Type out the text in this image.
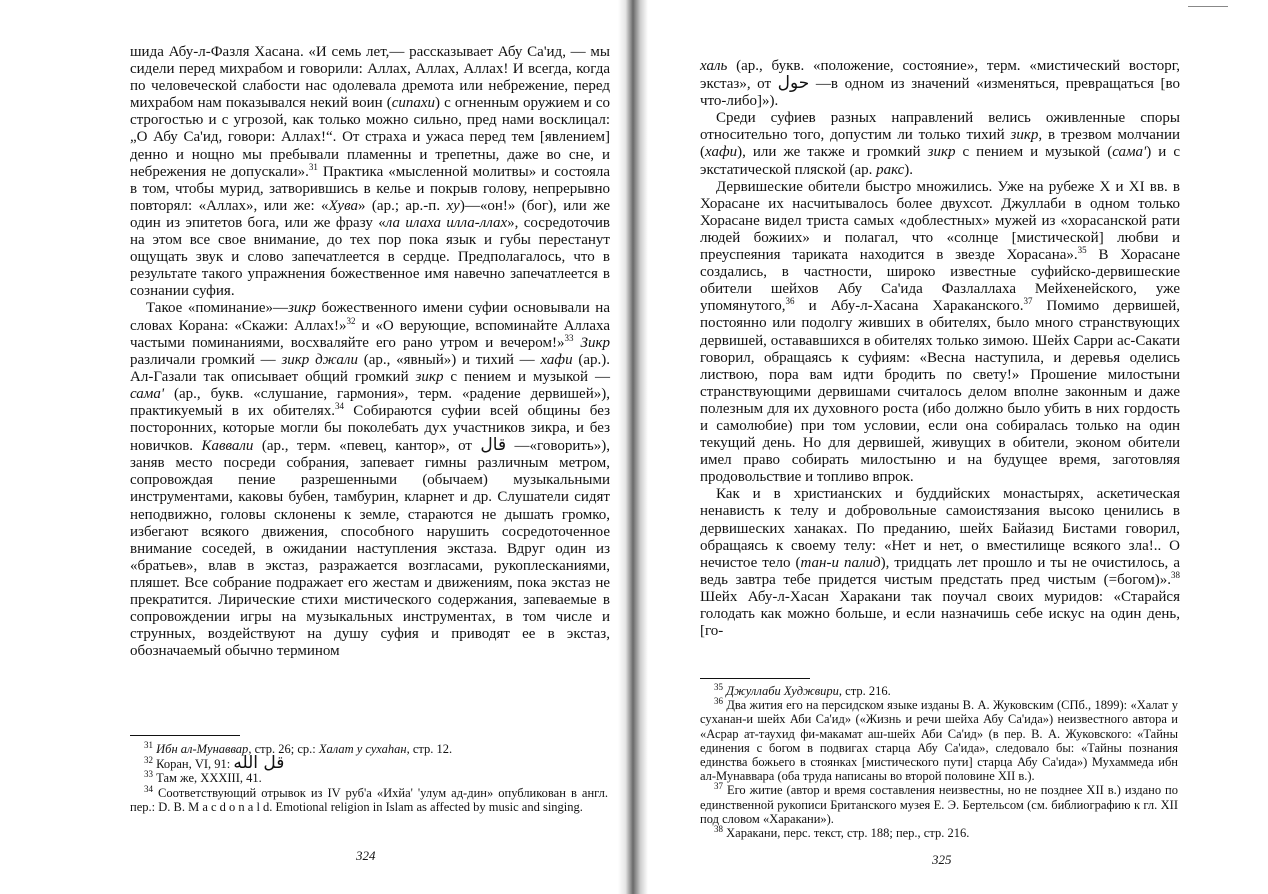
шида Абу-л-Фазля Хасана. «И семь лет,— рассказывает Абу Са'ид, — мы сидели перед михрабом и говорили: Аллах, Аллах, Аллах! И всегда, когда по человеческой слабости нас одолевала дремота или небрежение, перед михрабом нам показывался некий воин (сипахи) с огненным оружием и со строгостью и с угрозой, как только можно сильно, пред нами восклицал: „О Абу Са'ид, говори: Аллах!“. От страха и ужаса перед тем [явлением] денно и нощно мы пребывали пламенны и трепетны, даже во сне, и небрежения не допускали».$^{31}$ Практика «мысленной молитвы» и состояла в том, чтобы мурид, затворившись в келье и покрыв голову, непрерывно повторял: «Аллах», или же: «Хува» (ар.; ар.-п. ху)—«он!» (бог), или же один из эпитетов бога, или же фразу «ла илаха илла-ллах», сосредоточив на этом все свое внимание, до тех пор пока язык и губы перестанут ощущать звук и слово запечатлеется в сердце. Предполагалось, что в результате такого упражнения божественное имя навечно запечатлеется в сознании суфия.

Такое «поминание»—зикр божественного имени суфии основывали на словах Корана: «Скажи: Аллах!»$^{32}$ и «О верующие, вспоминайте Аллаха частыми поминаниями, восхваляйте его рано утром и вечером!»$^{33}$ Зикр различали громкий — зикр джали (ар., «явный») и тихий — хафи (ар.). Ал-Газали так описывает общий громкий зикр с пением и музыкой — сама' (ар., букв. «слушание, гармония», терм. «радение дервишей»), практикуемый в их обителях.$^{34}$ Собираются суфии всей общины без посторонних, которые могли бы поколебать дух участников зикра, и без новичков. Каввали (ар., терм. «певец, кантор», от قال —«говорить»), заняв место посреди собрания, запевает гимны различным метром, сопровождая пение разрешенными (обычаем) музыкальными инструментами, каковы бубен, тамбурин, кларнет и др. Слушатели сидят неподвижно, головы склонены к земле, стараются не дышать громко, избегают всякого движения, способного нарушить сосредоточенное внимание соседей, в ожидании наступления экстаза. Вдруг один из «братьев», влав в экстаз, разражается возгласами, рукоплесканиями, пляшет. Все собрание подражает его жестам и движениям, пока экстаз не прекратится. Лирические стихи мистического содержания, запеваемые в сопровождении игры на музыкальных инструментах, в том числе и струнных, воздействуют на душу суфия и приводят ее в экстаз, обозначаемый обычно термином

$^{31}$ Ибн ал-Мунаввар, стр. 26; ср.: Халат у сухаhан, стр. 12.

$^{32}$ Коран, VI, 91: قل الله

$^{33}$ Там же, XXXIII, 41.

$^{34}$ Соответствующий отрывок из IV руб'а «Ихйа' 'улум ад-дин» опубликован в англ. пер.: D. B. M a c d o n a l d. Emotional religion in Islam as affected by music and singing.

324

халь (ар., букв. «положение, состояние», терм. «мистический восторг, экстаз», от حول —в одном из значений «изменяться, превращаться [во что-либо]»).

Среди суфиев разных направлений велись оживленные споры относительно того, допустим ли только тихий зикр, в трезвом молчании (хафи), или же также и громкий зикр с пением и музыкой (сама') и с экстатической пляской (ар. ракс).

Дервишеские обители быстро множились. Уже на рубеже X и XI вв. в Хорасане их насчитывалось более двухсот. Джуллаби в одном только Хорасане видел триста самых «доблестных» мужей из «хорасанской рати людей божиих» и полагал, что «солнце [мистической] любви и преуспеяния тариката находится в звезде Хорасана».$^{35}$ В Хорасане создались, в частности, широко известные суфийско-дервишеские обители шейхов Абу Са'ида Фазлаллаха Мейхенейского, уже упомянутого,$^{36}$ и Абу-л-Хасана Хараканского.$^{37}$ Помимо дервишей, постоянно или подолгу живших в обителях, было много странствующих дервишей, остававшихся в обителях только зимою. Шейх Сарри ас-Сакати говорил, обращаясь к суфиям: «Весна наступила, и деревья оделись листвою, пора вам идти бродить по свету!» Прошение милостыни странствующими дервишами считалось делом вполне законным и даже полезным для их духовного роста (ибо должно было убить в них гордость и самолюбие) при том условии, если она собиралась только на один текущий день. Но для дервишей, живущих в обители, эконом обители имел право собирать милостыню и на будущее время, заготовляя продовольствие и топливо впрок.

Как и в христианских и буддийских монастырях, аскетическая ненависть к телу и добровольные самоистязания высоко ценились в дервишеских ханаках. По преданию, шейх Байазид Бистами говорил, обращаясь к своему телу: «Нет и нет, о вместилище всякого зла!.. О нечистое тело (тан-и палид), тридцать лет прошло и ты не очистилось, а ведь завтра тебе придется чистым предстать пред чистым (=богом)».$^{38}$ Шейх Абу-л-Хасан Харакани так поучал своих муридов: «Старайся голодать как можно больше, и если назначишь себе искус на один день, [го-

$^{35}$ Джуллаби Худжвири, стр. 216.

$^{36}$ Два жития его на персидском языке изданы В. А. Жуковским (СПб., 1899): «Халат у суханан-и шейх Аби Са'ид» («Жизнь и речи шейха Абу Са'ида») неизвестного автора и «Асрар ат-таухид фи-макамат аш-шейх Аби Са'ид» (в пер. В. А. Жуковского: «Тайны единения с богом в подвигах старца Абу Са'ида», следовало бы: «Тайны познания единства божьего в стоянках [мистического пути] старца Абу Са'ида») Мухаммеда ибн ал-Мунаввара (оба труда написаны во второй половине XII в.).

$^{37}$ Его житие (автор и время составления неизвестны, но не позднее XII в.) издано по единственной рукописи Британского музея Е. Э. Бертельсом (см. библиографию к гл. XII под словом «Харакани»).

$^{38}$ Харакани, перс. текст, стр. 188; пер., стр. 216.

325
